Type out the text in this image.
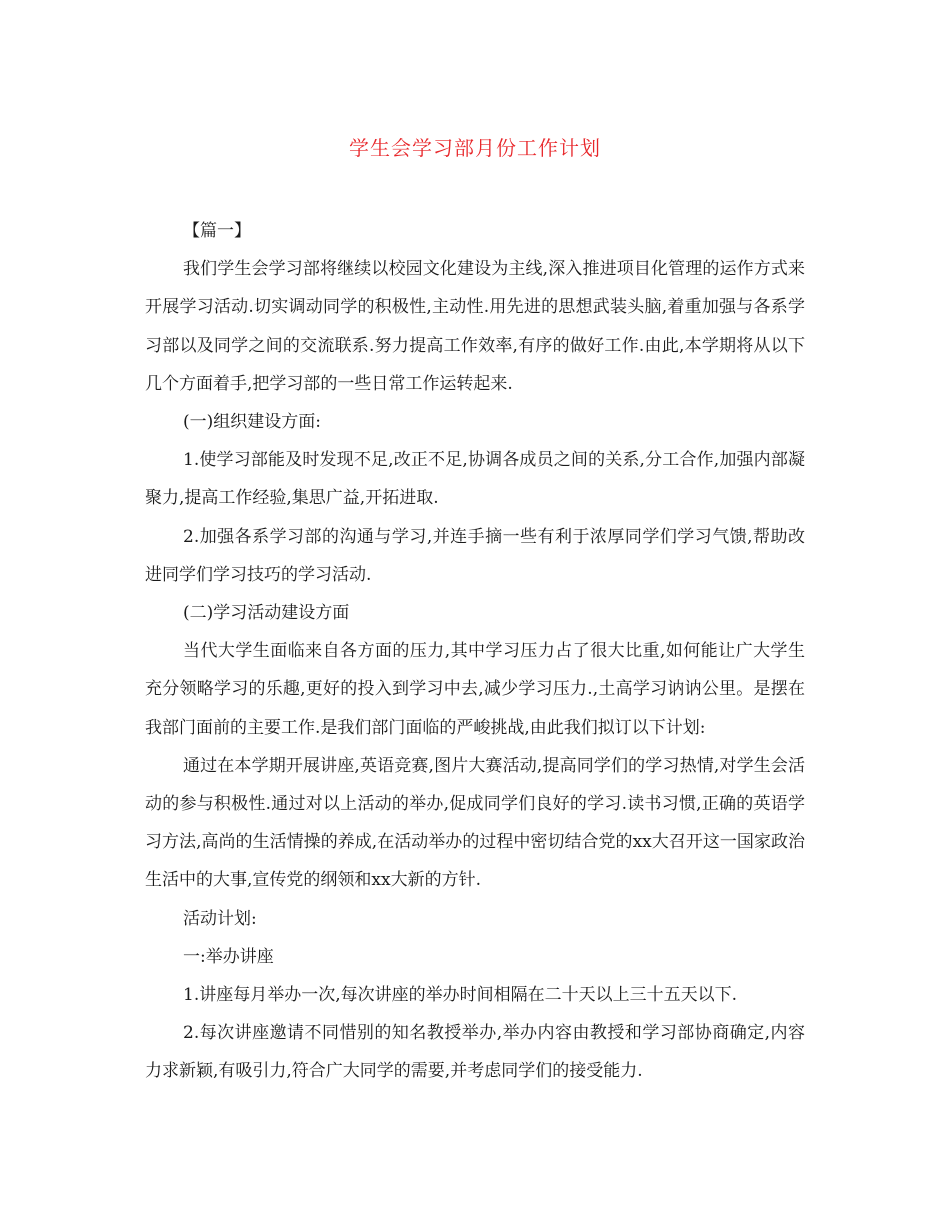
学生会学习部月份工作计划

【篇一】

我们学生会学习部将继续以校园文化建设为主线,深入推进项目化管理的运作方式来开展学习活动.切实调动同学的积极性,主动性.用先进的思想武装头脑,着重加强与各系学习部以及同学之间的交流联系.努力提高工作效率,有序的做好工作.由此,本学期将从以下几个方面着手,把学习部的一些日常工作运转起来.

(一)组织建设方面:

1.使学习部能及时发现不足,改正不足,协调各成员之间的关系,分工合作,加强内部凝聚力,提高工作经验,集思广益,开拓进取.

2.加强各系学习部的沟通与学习,并连手摘一些有利于浓厚同学们学习气馈,帮助改进同学们学习技巧的学习活动.

(二)学习活动建设方面

当代大学生面临来自各方面的压力,其中学习压力占了很大比重,如何能让广大学生充分领略学习的乐趣,更好的投入到学习中去,减少学习压力.,土高学习讷讷公里。是摆在我部门面前的主要工作.是我们部门面临的严峻挑战,由此我们拟订以下计划:

通过在本学期开展讲座,英语竞赛,图片大赛活动,提高同学们的学习热情,对学生会活动的参与积极性.通过对以上活动的举办,促成同学们良好的学习.读书习惯,正确的英语学习方法,高尚的生活情操的养成,在活动举办的过程中密切结合党的xx大召开这一国家政治生活中的大事,宣传党的纲领和xx大新的方针.

活动计划:

一:举办讲座

1.讲座每月举办一次,每次讲座的举办时间相隔在二十天以上三十五天以下.

2.每次讲座邀请不同惜别的知名教授举办,举办内容由教授和学习部协商确定,内容力求新颖,有吸引力,符合广大同学的需要,并考虑同学们的接受能力.
